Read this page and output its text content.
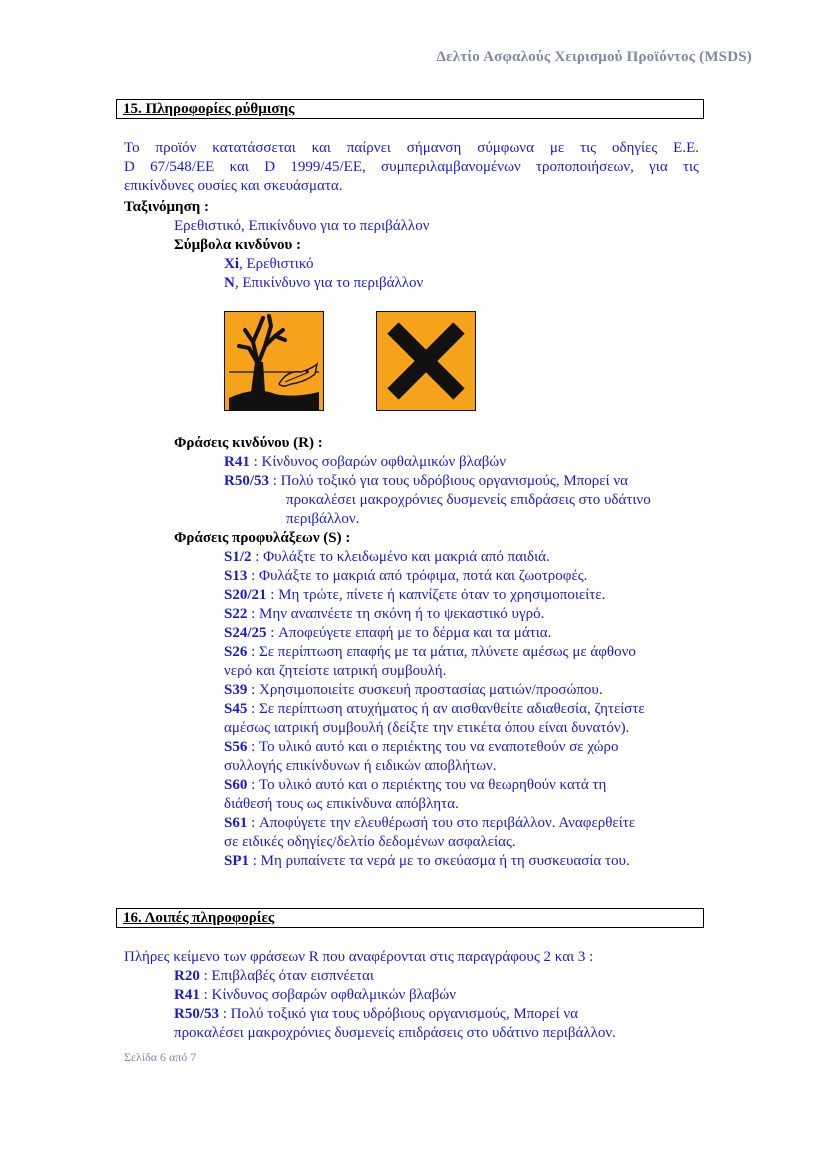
Δελτίο Ασφαλούς Χειρισμού Προϊόντος (MSDS)
15. Πληροφορίες ρύθμισης
Το προϊόν κατατάσσεται και παίρνει σήμανση σύμφωνα με τις οδηγίες Ε.Ε.
D 67/548/EE και D 1999/45/EE, συμπεριλαμβανομένων τροποποιήσεων, για τις
επικίνδυνες ουσίες και σκευάσματα.
Ταξινόμηση :
Ερεθιστικό, Επικίνδυνο για το περιβάλλον
Σύμβολα κινδύνου :
Xi, Ερεθιστικό
N, Επικίνδυνο για το περιβάλλον
Φράσεις κινδύνου (R) :
R41 : Κίνδυνος σοβαρών οφθαλμικών βλαβών
R50/53 : Πολύ τοξικό για τους υδρόβιους οργανισμούς, Μπορεί να
προκαλέσει μακροχρόνιες δυσμενείς επιδράσεις στο υδάτινο
περιβάλλον.
Φράσεις προφυλάξεων (S) :
S1/2 : Φυλάξτε το κλειδωμένο και μακριά από παιδιά.
S13 : Φυλάξτε το μακριά από τρόφιμα, ποτά και ζωοτροφές.
S20/21 : Μη τρώτε, πίνετε ή καπνίζετε όταν το χρησιμοποιείτε.
S22 : Μην αναπνέετε τη σκόνη ή το ψεκαστικό υγρό.
S24/25 : Αποφεύγετε επαφή με το δέρμα και τα μάτια.
S26 : Σε περίπτωση επαφής με τα μάτια, πλύνετε αμέσως με άφθονο
νερό και ζητείστε ιατρική συμβουλή.
S39 : Χρησιμοποιείτε συσκευή προστασίας ματιών/προσώπου.
S45 : Σε περίπτωση ατυχήματος ή αν αισθανθείτε αδιαθεσία, ζητείστε
αμέσως ιατρική συμβουλή (δείξτε την ετικέτα όπου είναι δυνατόν).
S56 : Το υλικό αυτό και ο περιέκτης του να εναποτεθούν σε χώρο
συλλογής επικίνδυνων ή ειδικών αποβλήτων.
S60 : Το υλικό αυτό και ο περιέκτης του να θεωρηθούν κατά τη
διάθεσή τους ως επικίνδυνα απόβλητα.
S61 : Αποφύγετε την ελευθέρωσή του στο περιβάλλον. Αναφερθείτε
σε ειδικές οδηγίες/δελτίο δεδομένων ασφαλείας.
SP1 : Μη ρυπαίνετε τα νερά με το σκεύασμα ή τη συσκευασία του.
16. Λοιπές πληροφορίες
Πλήρες κείμενο των φράσεων R που αναφέρονται στις παραγράφους 2 και 3 :
R20 : Επιβλαβές όταν εισπνέεται
R41 : Κίνδυνος σοβαρών οφθαλμικών βλαβών
R50/53 : Πολύ τοξικό για τους υδρόβιους οργανισμούς, Μπορεί να
προκαλέσει μακροχρόνιες δυσμενείς επιδράσεις στο υδάτινο περιβάλλον.
Σελίδα 6 από 7
